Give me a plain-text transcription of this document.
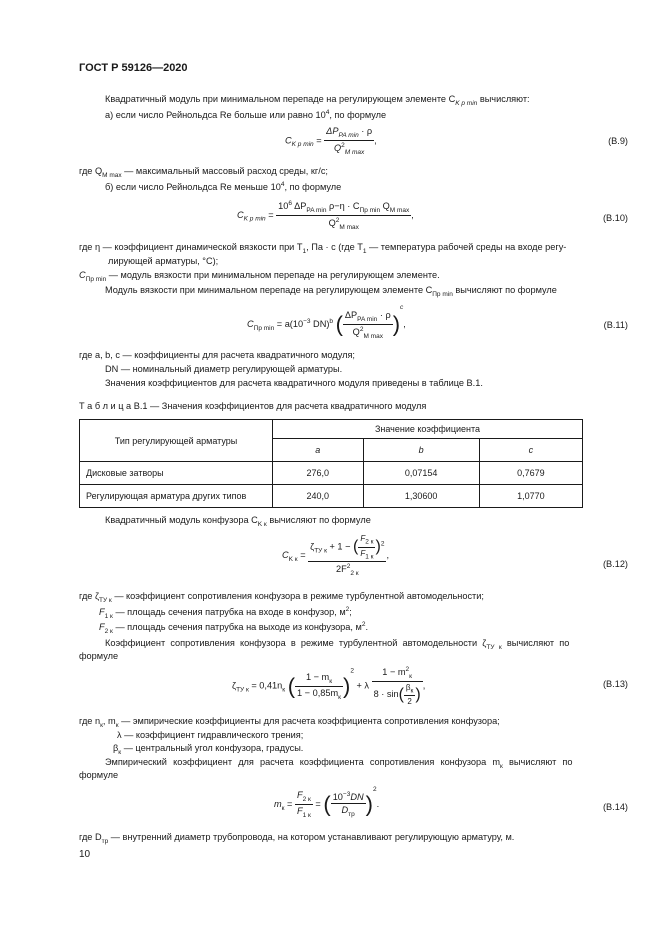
ГОСТ Р 59126—2020
Квадратичный модуль при минимальном перепаде на регулирующем элементе $C_{K p min}$ вычисляют:
а) если число Рейнольдса Re больше или равно $10^4$, по формуле
$C_{K p min} = \frac{\Delta P_{PA min} \cdot \rho}{Q^2_{M max}}$ ,	(В.9)
где $Q_{M max}$ — максимальный массовый расход среды, кг/с;
б) если число Рейнольдса Re меньше $10^4$, по формуле
$C_{K p min} = \frac{10^6 \Delta P_{PA min} \rho-\eta \cdot C_{Пp min} Q_{M max}}{Q^2_{M max}}$ ,	(В.10)
где η — коэффициент динамической вязкости при $T_1$, Па · с (где $T_1$ — температура рабочей среды на входе регу-
лирующей арматуры, °С);
$C_{Пp min}$ — модуль вязкости при минимальном перепаде на регулирующем элементе.
Модуль вязкости при минимальном перепаде на регулирующем элементе $C_{Пp min}$ вычисляют по формуле
$C_{Пp min} = a(10^{-3}$ DN)$^b$ ( $\frac{\Delta P_{PA min} \cdot \rho}{Q^2_{M max}} )^c$,	(В.11)
где a, b, c — коэффициенты для расчета квадратичного модуля;
DN — номинальный диаметр регулирующей арматуры.
Значения коэффициентов для расчета квадратичного модуля приведены в таблице В.1.
Т а б л и ц а В.1 — Значения коэффициентов для расчета квадратичного модуля
Тип регулирующей арматуры	Значение коэффициента		
	a	b	c
Дисковые затворы	276,0	0,07154	0,7679
Регулирующая арматура других типов	240,0	1,30600	1,0770
Квадратичный модуль конфузора $C_{K к}$ вычисляют по формуле
$C_{K к} = \frac{\zeta_{ТУ к} + 1 - ( \frac{F_{2 к}}{F_{1 к}} )^2}{2F^2_{2 к}}$ ,
(В.12)
где $\zeta_{ТУ к}$ — коэффициент сопротивления конфузора в режиме турбулентной автомодельности;
$F_{1 к}$ — площадь сечения патрубка на входе в конфузор, $м^2$;
$F_{2 к}$ — площадь сечения патрубка на выходе из конфузора, $м^2$.
Коэффициент сопротивления конфузора в режиме турбулентной автомодельности $\zeta_{ТУ к}$ вычисляют по
формуле
$\zeta_{ТУ к} = 0,41n_к$ ( $\frac{1 - m_к}{1 - 0,85m_к} )^2 + \lambda \frac{1 - m^2_к}{8 \cdot \sin( \frac{\beta_к}{2} )}$ ,	(В.13)
где $n_к$, $m_к$ — эмпирические коэффициенты для расчета коэффициента сопротивления конфузора;
λ — коэффициент гидравлического трения;
$\beta_к$ — центральный угол конфузора, градусы.
Эмпирический коэффициент для расчета коэффициента сопротивления конфузора $m_к$ вычисляют по
формуле
$m_к = \frac{F_{2 к}}{F_{1 к}}$ = ( $\frac{10^{-3}DN}{D_{тр}} )^2$.	(В.14)
где $D_{тр}$ — внутренний диаметр трубопровода, на котором устанавливают регулирующую арматуру, м.
10
